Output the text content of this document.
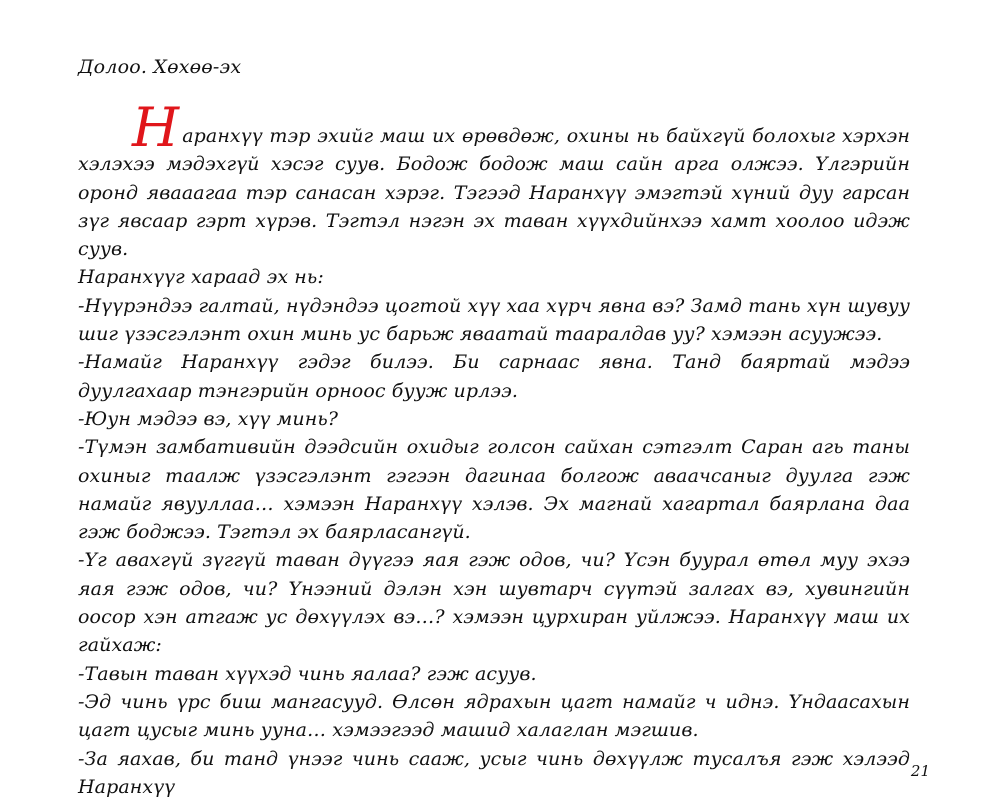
Долоо. Хөхөө-эх

Наранхүү тэр эхийг маш их өрөвдөж, охины нь байхгүй болохыг хэрхэн хэлэхээ мэдэхгүй хэсэг суув. Бодож бодож маш сайн арга олжээ. Үлгэрийн оронд явааагаа тэр санасан хэрэг. Тэгээд Наранхүү эмэгтэй хүний дуу гарсан зүг явсаар гэрт хүрэв. Тэгтэл нэгэн эх таван хүүхдийнхээ хамт хоолоо идэж суув.

Наранхүүг хараад эх нь:

-Нүүрэндээ галтай, нүдэндээ цогтой хүү хаа хүрч явна вэ? Замд тань хүн шувуу шиг үзэсгэлэнт охин минь ус барьж яваатай тааралдав уу? хэмээн асуужээ.

-Намайг Наранхүү гэдэг билээ. Би сарнаас явна. Танд баяртай мэдээ дуулгахаар тэнгэрийн орноос бууж ирлээ.

-Юун мэдээ вэ, хүү минь?

-Түмэн замбативийн дээдсийн охидыг голсон сайхан сэтгэлт Саран агь таны охиныг таалж үзэсгэлэнт гэгээн дагинаа болгож аваачсаныг дуулга гэж намайг явууллаа… хэмээн Наранхүү хэлэв. Эх магнай хагартал баярлана даа гэж бoджээ. Тэгтэл эх баярласангүй.

-Үг авахгүй зүггүй таван дүүгээ яая гэж одов, чи? Үсэн буурал өтөл муу эхээ яая гэж одов, чи? Үнээний дэлэн хэн шувтарч сүүтэй залгах вэ, хувингийн оосор хэн атгаж ус дөхүүлэх вэ…? хэмээн цурхиран уйлжээ. Наранхүү маш их гайхаж:

-Тавын таван хүүхэд чинь яалаа? гэж асуув.

-Эд чинь үрс биш мангасууд. Өлсөн ядрахын цагт намайг ч иднэ. Үндаасахын цагт цусыг минь ууна… хэмээгээд машид халаглан мэгшив.

-За яахав, би танд үнээг чинь сааж, усыг чинь дөхүүлж тусалъя гэж хэлээд Наранхүү

21
